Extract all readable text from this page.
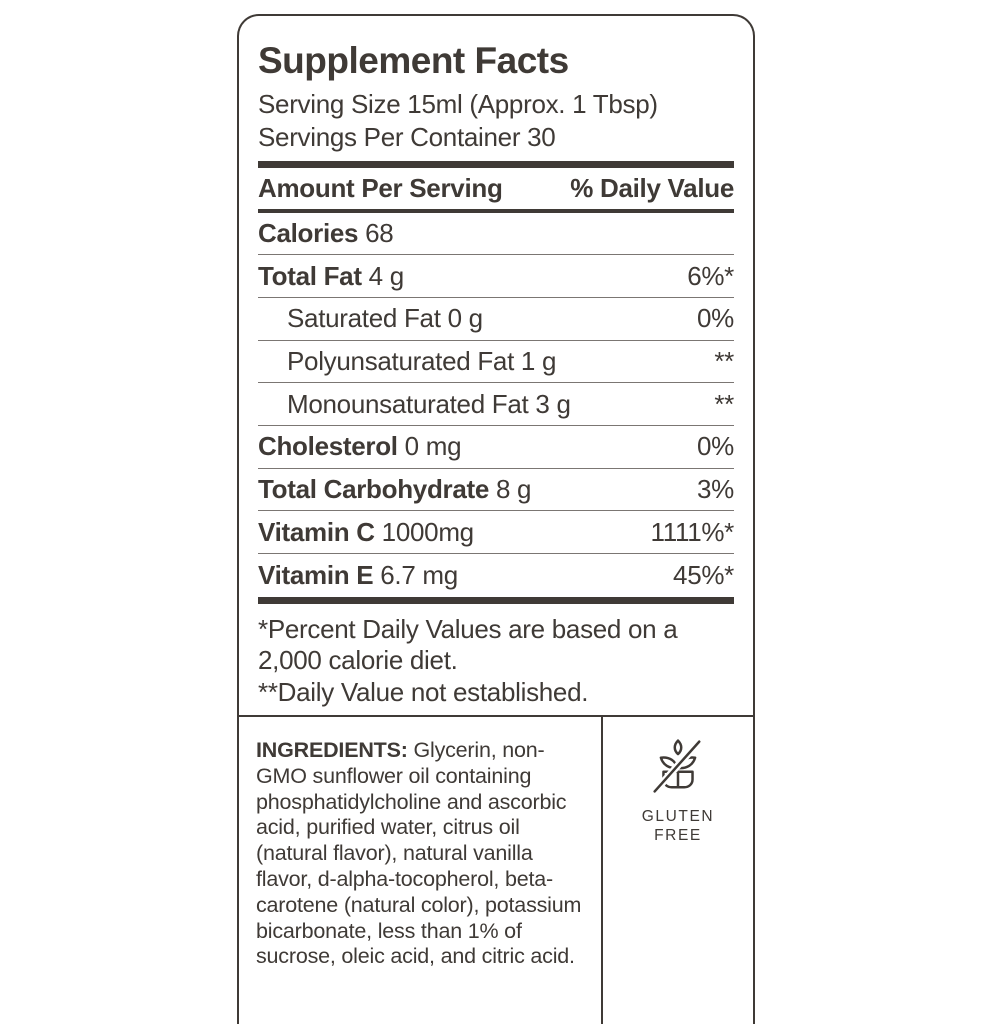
Supplement Facts
Serving Size 15ml (Approx. 1 Tbsp)
Servings Per Container 30
Amount Per Serving	% Daily Value
Calories 68
Total Fat 4 g	6%*
Saturated Fat 0 g	0%
Polyunsaturated Fat 1 g	**
Monounsaturated Fat 3 g	**
Cholesterol 0 mg	0%
Total Carbohydrate 8 g	3%
Vitamin C 1000mg	1111%*
Vitamin E 6.7 mg	45%*
*Percent Daily Values are based on a 2,000 calorie diet.
**Daily Value not established.
INGREDIENTS: Glycerin, non-GMO sunflower oil containing phosphatidylcholine and ascorbic acid, purified water, citrus oil (natural flavor), natural vanilla flavor, d-alpha-tocopherol, beta-carotene (natural color), potassium bicarbonate, less than 1% of sucrose, oleic acid, and citric acid.
GLUTEN
FREE
